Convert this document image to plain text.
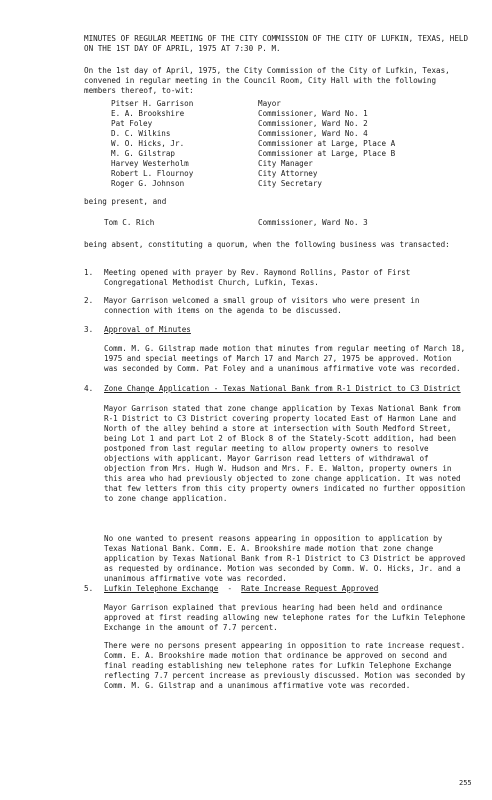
MINUTES OF REGULAR MEETING OF THE CITY COMMISSION OF THE CITY OF LUFKIN, TEXAS, HELD ON THE 1ST DAY OF APRIL, 1975 AT 7:30 P. M.
On the 1st day of April, 1975, the City Commission of the City of Lufkin, Texas, convened in regular meeting in the Council Room, City Hall with the following members thereof, to-wit:
Pitser H. Garrison	Mayor
E. A. Brookshire	Commissioner, Ward No. 1
Pat Foley	Commissioner, Ward No. 2
D. C. Wilkins	Commissioner, Ward No. 4
W. O. Hicks, Jr.	Commissioner at Large, Place A
M. G. Gilstrap	Commissioner at Large, Place B
Harvey Westerholm	City Manager
Robert L. Flournoy	City Attorney
Roger G. Johnson	City Secretary
being present, and
Tom C. Rich	Commissioner, Ward No. 3
being absent, constituting a quorum, when the following business was transacted:
1.	Meeting opened with prayer by Rev. Raymond Rollins, Pastor of First Congregational Methodist Church, Lufkin, Texas.
2.	Mayor Garrison welcomed a small group of visitors who were present in connection with items on the agenda to be discussed.
3.	Approval of Minutes
Comm. M. G. Gilstrap made motion that minutes from regular meeting of March 18, 1975 and special meetings of March 17 and March 27, 1975 be approved. Motion was seconded by Comm. Pat Foley and a unanimous affirmative vote was recorded.
4.	Zone Change Application - Texas National Bank from R-1 District to C3 District
Mayor Garrison stated that zone change application by Texas National Bank from R-1 District to C3 District covering property located East of Harmon Lane and North of the alley behind a store at intersection with South Medford Street, being Lot 1 and part Lot 2 of Block 8 of the Stately-Scott addition, had been postponed from last regular meeting to allow property owners to resolve objections with applicant. Mayor Garrison read letters of withdrawal of objection from Mrs. Hugh W. Hudson and Mrs. F. E. Walton, property owners in this area who had previously objected to zone change application. It was noted that few letters from this city property owners indicated no further opposition to zone change application.
No one wanted to present reasons appearing in opposition to application by Texas National Bank. Comm. E. A. Brookshire made motion that zone change application by Texas National Bank from R-1 District to C3 District be approved as requested by ordinance. Motion was seconded by Comm. W. O. Hicks, Jr. and a unanimous affirmative vote was recorded.
5.	Lufkin Telephone Exchange  -  Rate Increase Request Approved
Mayor Garrison explained that previous hearing had been held and ordinance approved at first reading allowing new telephone rates for the Lufkin Telephone Exchange in the amount of 7.7 percent.
There were no persons present appearing in opposition to rate increase request. Comm. E. A. Brookshire made motion that ordinance be approved on second and final reading establishing new telephone rates for Lufkin Telephone Exchange reflecting 7.7 percent increase as previously discussed. Motion was seconded by Comm. M. G. Gilstrap and a unanimous affirmative vote was recorded.
255
